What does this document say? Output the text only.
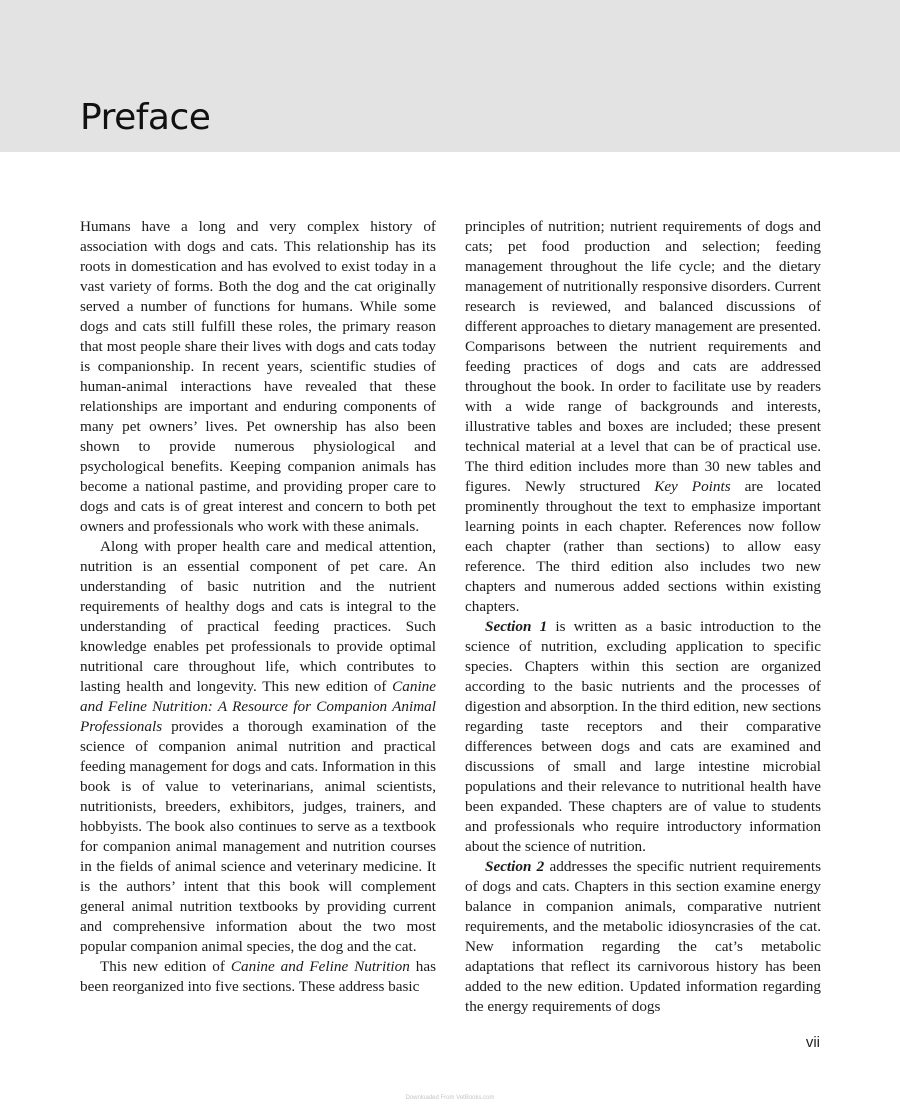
Preface

Humans have a long and very complex history of association with dogs and cats. This relationship has its roots in domestication and has evolved to exist today in a vast variety of forms. Both the dog and the cat originally served a number of functions for humans. While some dogs and cats still fulfill these roles, the primary reason that most people share their lives with dogs and cats today is companionship. In recent years, scientific studies of human-animal interactions have revealed that these relationships are important and enduring components of many pet owners’ lives. Pet ownership has also been shown to provide numerous physiological and psychological benefits. Keeping companion animals has become a national pastime, and providing proper care to dogs and cats is of great interest and concern to both pet owners and professionals who work with these animals.

Along with proper health care and medical attention, nutrition is an essential component of pet care. An understanding of basic nutrition and the nutrient requirements of healthy dogs and cats is integral to the understanding of practical feeding practices. Such knowledge enables pet professionals to provide optimal nutritional care throughout life, which contributes to lasting health and longevity. This new edition of Canine and Feline Nutrition: A Resource for Companion Animal Professionals provides a thorough examination of the science of companion animal nutrition and practical feeding management for dogs and cats. Information in this book is of value to veterinarians, animal scientists, nutritionists, breeders, exhibitors, judges, trainers, and hobbyists. The book also continues to serve as a textbook for companion animal management and nutrition courses in the fields of animal science and veterinary medicine. It is the authors’ intent that this book will complement general animal nutrition textbooks by providing current and comprehensive information about the two most popular companion animal species, the dog and the cat.

This new edition of Canine and Feline Nutrition has been reorganized into five sections. These address basic

principles of nutrition; nutrient requirements of dogs and cats; pet food production and selection; feeding management throughout the life cycle; and the dietary management of nutritionally responsive disorders. Current research is reviewed, and balanced discussions of different approaches to dietary management are presented. Comparisons between the nutrient requirements and feeding practices of dogs and cats are addressed throughout the book. In order to facilitate use by readers with a wide range of backgrounds and interests, illustrative tables and boxes are included; these present technical material at a level that can be of practical use. The third edition includes more than 30 new tables and figures. Newly structured Key Points are located prominently throughout the text to emphasize important learning points in each chapter. References now follow each chapter (rather than sections) to allow easy reference. The third edition also includes two new chapters and numerous added sections within existing chapters.

Section 1 is written as a basic introduction to the science of nutrition, excluding application to specific species. Chapters within this section are organized according to the basic nutrients and the processes of digestion and absorption. In the third edition, new sections regarding taste receptors and their comparative differences between dogs and cats are examined and discussions of small and large intestine microbial populations and their relevance to nutritional health have been expanded. These chapters are of value to students and professionals who require introductory information about the science of nutrition.

Section 2 addresses the specific nutrient requirements of dogs and cats. Chapters in this section examine energy balance in companion animals, comparative nutrient requirements, and the metabolic idiosyncrasies of the cat. New information regarding the cat’s metabolic adaptations that reflect its carnivorous history has been added to the new edition. Updated information regarding the energy requirements of dogs

vii
Downloaded From VetBooks.com
